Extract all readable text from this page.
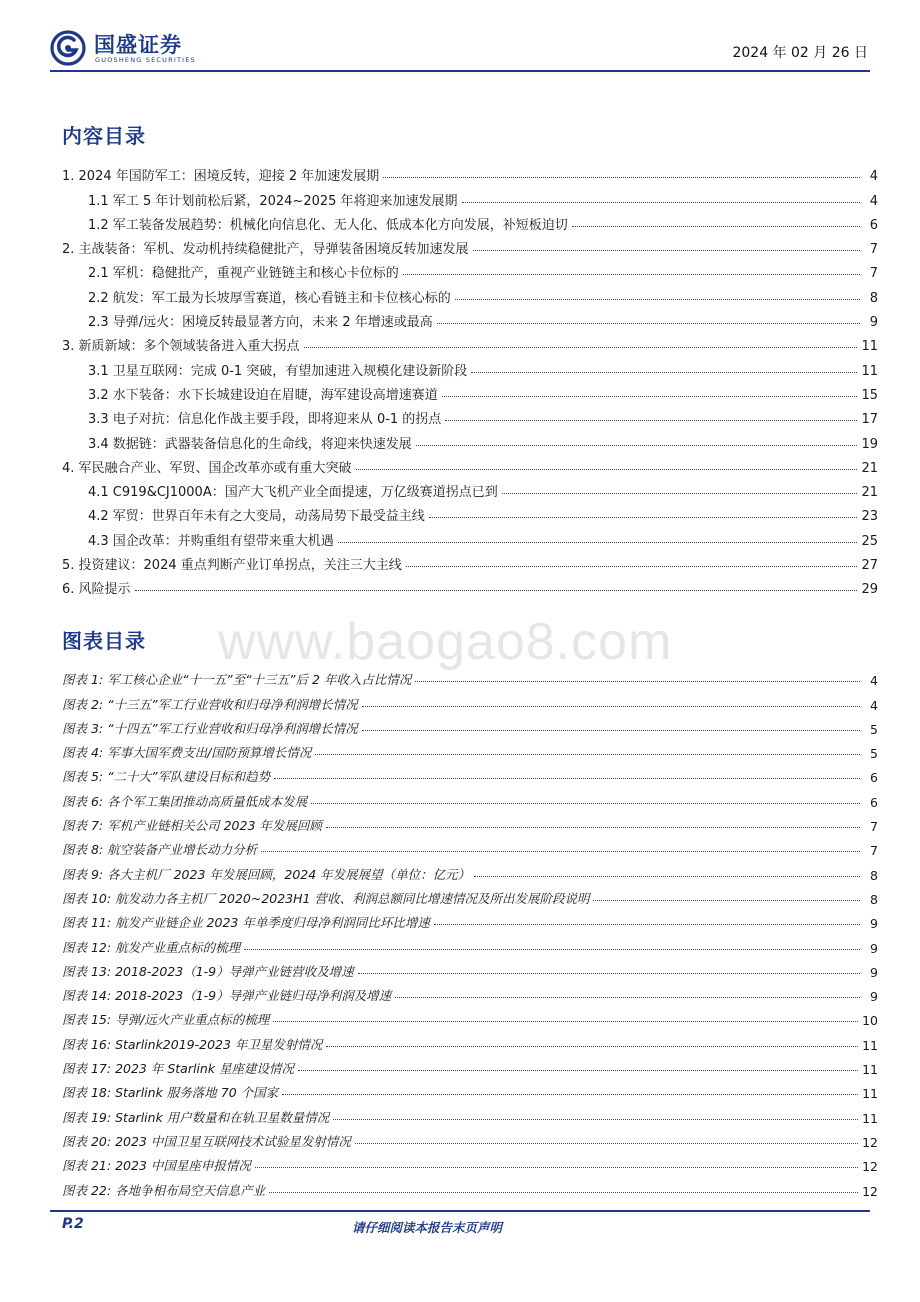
国盛证券
GUOSHENG SECURITIES	2024 年 02 月 26 日
内容目录
1. 2024 年国防军工：困境反转，迎接 2 年加速发展期	4
1.1 军工 5 年计划前松后紧，2024~2025 年将迎来加速发展期	4
1.2 军工装备发展趋势：机械化向信息化、无人化、低成本化方向发展，补短板迫切	6
2. 主战装备：军机、发动机持续稳健批产，导弹装备困境反转加速发展	7
2.1 军机：稳健批产，重视产业链链主和核心卡位标的	7
2.2 航发：军工最为长坡厚雪赛道，核心看链主和卡位核心标的	8
2.3 导弹/远火：困境反转最显著方向，未来 2 年增速或最高	9
3. 新质新域：多个领域装备进入重大拐点	11
3.1 卫星互联网：完成 0-1 突破，有望加速进入规模化建设新阶段	11
3.2 水下装备：水下长城建设迫在眉睫，海军建设高增速赛道	15
3.3 电子对抗：信息化作战主要手段，即将迎来从 0-1 的拐点	17
3.4 数据链：武器装备信息化的生命线，将迎来快速发展	19
4. 军民融合产业、军贸、国企改革亦或有重大突破	21
4.1 C919&CJ1000A：国产大飞机产业全面提速，万亿级赛道拐点已到	21
4.2 军贸：世界百年未有之大变局，动荡局势下最受益主线	23
4.3 国企改革：并购重组有望带来重大机遇	25
5. 投资建议：2024 重点判断产业订单拐点，关注三大主线	27
6. 风险提示	29
www.baogao8.com
图表目录
图表 1: 军工核心企业“十一五”至“十三五”后 2 年收入占比情况	4
图表 2: “十三五”军工行业营收和归母净利润增长情况	4
图表 3: “十四五”军工行业营收和归母净利润增长情况	5
图表 4: 军事大国军费支出/国防预算增长情况	5
图表 5: “二十大”军队建设目标和趋势	6
图表 6: 各个军工集团推动高质量低成本发展	6
图表 7: 军机产业链相关公司 2023 年发展回顾	7
图表 8: 航空装备产业增长动力分析	7
图表 9: 各大主机厂 2023 年发展回顾，2024 年发展展望（单位：亿元）	8
图表 10: 航发动力各主机厂 2020~2023H1 营收、利润总额同比增速情况及所出发展阶段说明	8
图表 11: 航发产业链企业 2023 年单季度归母净利润同比环比增速	9
图表 12: 航发产业重点标的梳理	9
图表 13: 2018-2023（1-9）导弹产业链营收及增速	9
图表 14: 2018-2023（1-9）导弹产业链归母净利润及增速	9
图表 15: 导弹/远火产业重点标的梳理	10
图表 16: Starlink2019-2023 年卫星发射情况	11
图表 17: 2023 年 Starlink 星座建设情况	11
图表 18: Starlink 服务落地 70 个国家	11
图表 19: Starlink 用户数量和在轨卫星数量情况	11
图表 20: 2023 中国卫星互联网技术试验星发射情况	12
图表 21: 2023 中国星座申报情况	12
图表 22: 各地争相布局空天信息产业	12
P.2	请仔细阅读本报告末页声明
